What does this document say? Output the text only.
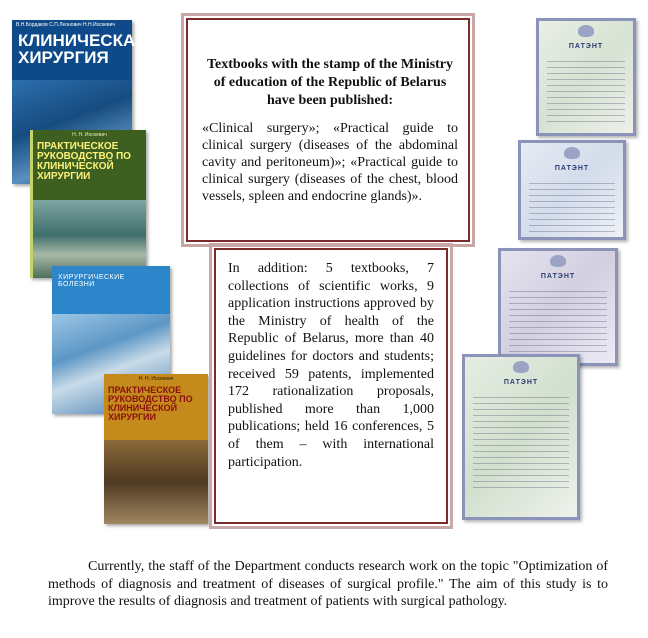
В.Н.Бордаков С.П.Леонович Н.Н.Иоскевич
КЛИНИЧЕСКАЯ ХИРУРГИЯ
Н. Н. Иоскевич
ПРАКТИЧЕСКОЕ РУКОВОДСТВО ПО КЛИНИЧЕСКОЙ ХИРУРГИИ
ХИРУРГИЧЕСКИЕ БОЛЕЗНИ
Н. Н. Иоскевич
ПРАКТИЧЕСКОЕ РУКОВОДСТВО ПО КЛИНИЧЕСКОЙ ХИРУРГИИ
Textbooks with the stamp of the Ministry of education of the Republic of Belarus have been published:
«Clinical surgery»; «Practical guide to clinical surgery (diseases of the abdominal cavity and peritoneum)»; «Practical guide to clinical surgery (diseases of the chest, blood vessels, spleen and endocrine glands)».
In addition: 5 textbooks, 7 collections of scientific works, 9 application instructions approved by the Ministry of health of the Republic of Belarus, more than 40 guidelines for doctors and students; received 59 patents, implemented 172 rationalization proposals, published more than 1,000 publications; held 16 conferences, 5 of them – with international participation.
ПАТЭНТ
ПАТЭНТ
ПАТЭНТ
ПАТЭНТ
Currently, the staff of the Department conducts research work on the topic "Optimization of methods of diagnosis and treatment of diseases of surgical profile." The aim of this study is to improve the results of diagnosis and treatment of patients with surgical pathology.
